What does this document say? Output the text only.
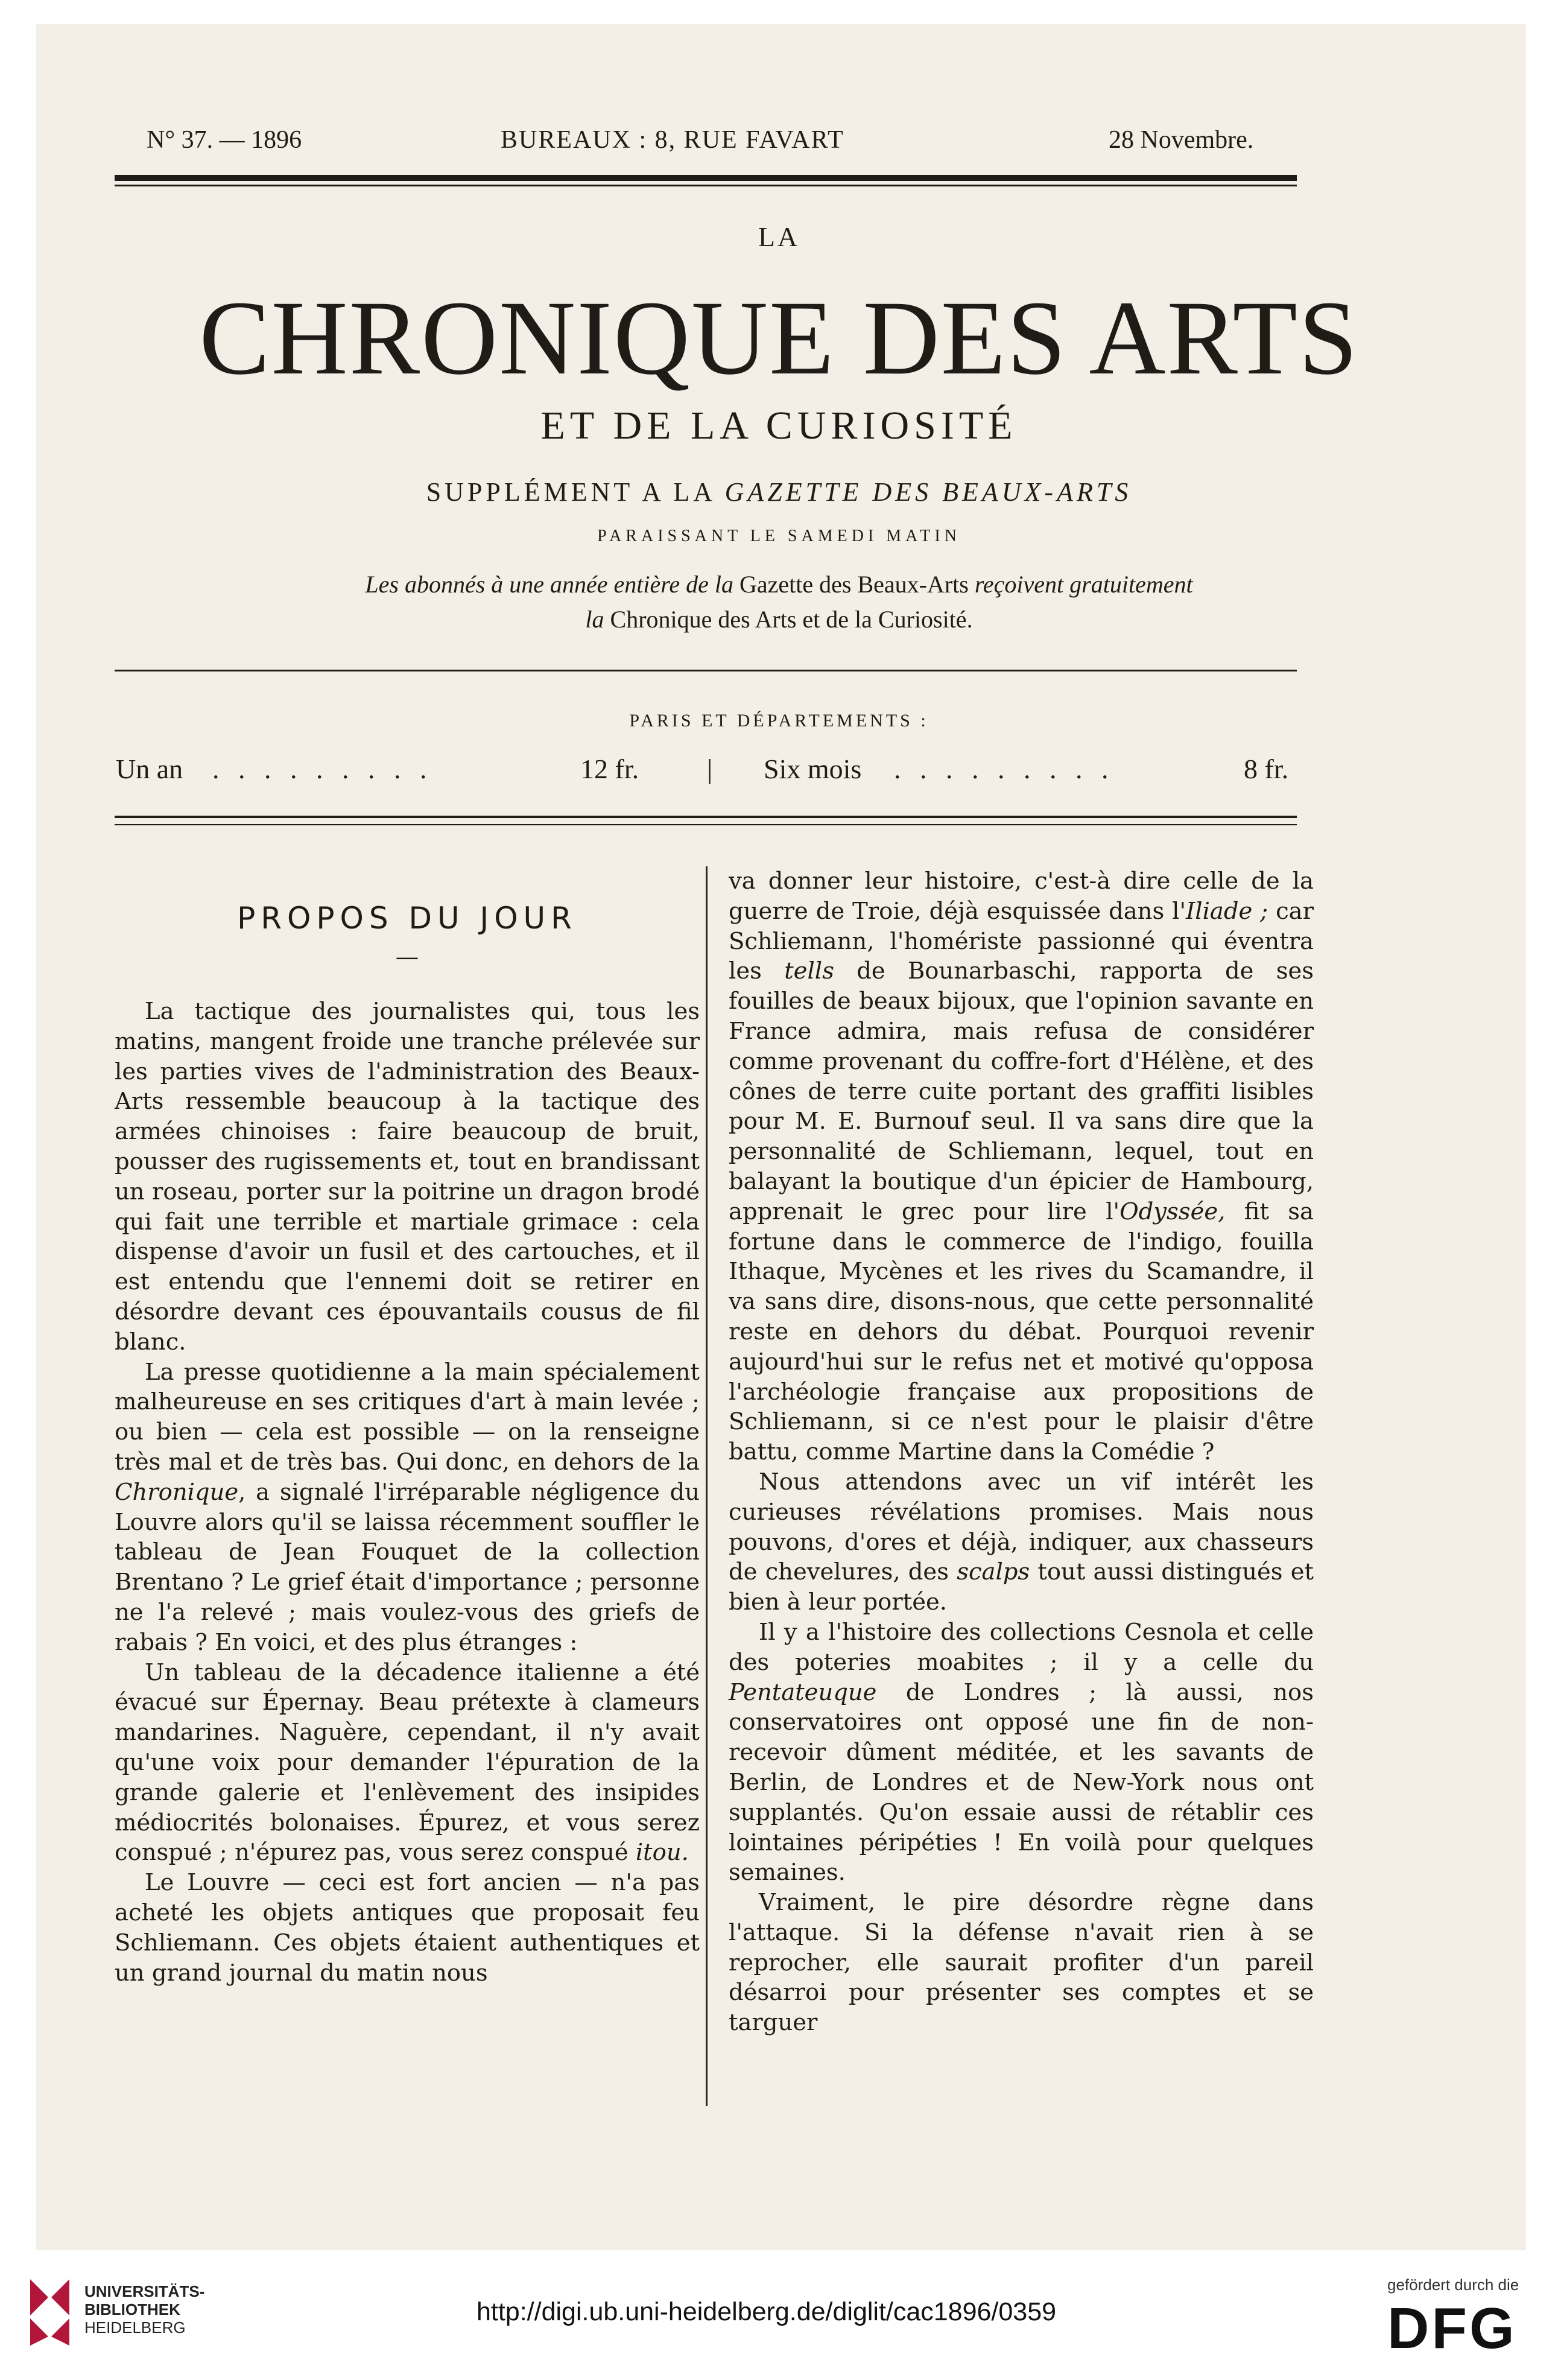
N° 37. — 1896	BUREAUX : 8, RUE FAVART	28 Novembre.
LA
CHRONIQUE DES ARTS
ET DE LA CURIOSITÉ
SUPPLÉMENT A LA GAZETTE DES BEAUX-ARTS
PARAISSANT LE SAMEDI MATIN
Les abonnés à une année entière de la Gazette des Beaux-Arts reçoivent gratuitement
la Chronique des Arts et de la Curiosité.
PARIS ET DÉPARTEMENTS :
Un an . . . . . . . . .	12 fr. | Six mois . . . . . . . . .	8 fr.
PROPOS DU JOUR
—

La tactique des journalistes qui, tous les matins, mangent froide une tranche prélevée sur les parties vives de l'administration des Beaux-Arts ressemble beaucoup à la tactique des armées chinoises : faire beaucoup de bruit, pousser des rugissements et, tout en brandissant un roseau, porter sur la poitrine un dragon brodé qui fait une terrible et martiale grimace : cela dispense d'avoir un fusil et des cartouches, et il est entendu que l'ennemi doit se retirer en désordre devant ces épouvantails cousus de fil blanc.

La presse quotidienne a la main spécialement malheureuse en ses critiques d'art à main levée ; ou bien — cela est possible — on la renseigne très mal et de très bas. Qui donc, en dehors de la Chronique, a signalé l'irréparable négligence du Louvre alors qu'il se laissa récemment souffler le tableau de Jean Fouquet de la collection Brentano ? Le grief était d'importance ; personne ne l'a relevé ; mais voulez-vous des griefs de rabais ? En voici, et des plus étranges :

Un tableau de la décadence italienne a été évacué sur Épernay. Beau prétexte à clameurs mandarines. Naguère, cependant, il n'y avait qu'une voix pour demander l'épuration de la grande galerie et l'enlèvement des insipides médiocrités bolonaises. Épurez, et vous serez conspué ; n'épurez pas, vous serez conspué itou.

Le Louvre — ceci est fort ancien — n'a pas acheté les objets antiques que proposait feu Schliemann. Ces objets étaient authentiques et un grand journal du matin nous

va donner leur histoire, c'est-à dire celle de la guerre de Troie, déjà esquissée dans l'Iliade ; car Schliemann, l'homériste passionné qui éventra les tells de Bounarbaschi, rapporta de ses fouilles de beaux bijoux, que l'opinion savante en France admira, mais refusa de considérer comme provenant du coffre-fort d'Hélène, et des cônes de terre cuite portant des graffiti lisibles pour M. E. Burnouf seul. Il va sans dire que la personnalité de Schliemann, lequel, tout en balayant la boutique d'un épicier de Hambourg, apprenait le grec pour lire l'Odyssée, fit sa fortune dans le commerce de l'indigo, fouilla Ithaque, Mycènes et les rives du Scamandre, il va sans dire, disons-nous, que cette personnalité reste en dehors du débat. Pourquoi revenir aujourd'hui sur le refus net et motivé qu'opposa l'archéologie française aux propositions de Schliemann, si ce n'est pour le plaisir d'être battu, comme Martine dans la Comédie ?

Nous attendons avec un vif intérêt les curieuses révélations promises. Mais nous pouvons, d'ores et déjà, indiquer, aux chasseurs de chevelures, des scalps tout aussi distingués et bien à leur portée.

Il y a l'histoire des collections Cesnola et celle des poteries moabites ; il y a celle du Pentateuque de Londres ; là aussi, nos conservatoires ont opposé une fin de non-recevoir dûment méditée, et les savants de Berlin, de Londres et de New-York nous ont supplantés. Qu'on essaie aussi de rétablir ces lointaines péripéties ! En voilà pour quelques semaines.

Vraiment, le pire désordre règne dans l'attaque. Si la défense n'avait rien à se reprocher, elle saurait profiter d'un pareil désarroi pour présenter ses comptes et se targuer

UNIVERSITÄTS-
BIBLIOTHEK
HEIDELBERG
http://digi.ub.uni-heidelberg.de/diglit/cac1896/0359
gefördert durch die
DFG
